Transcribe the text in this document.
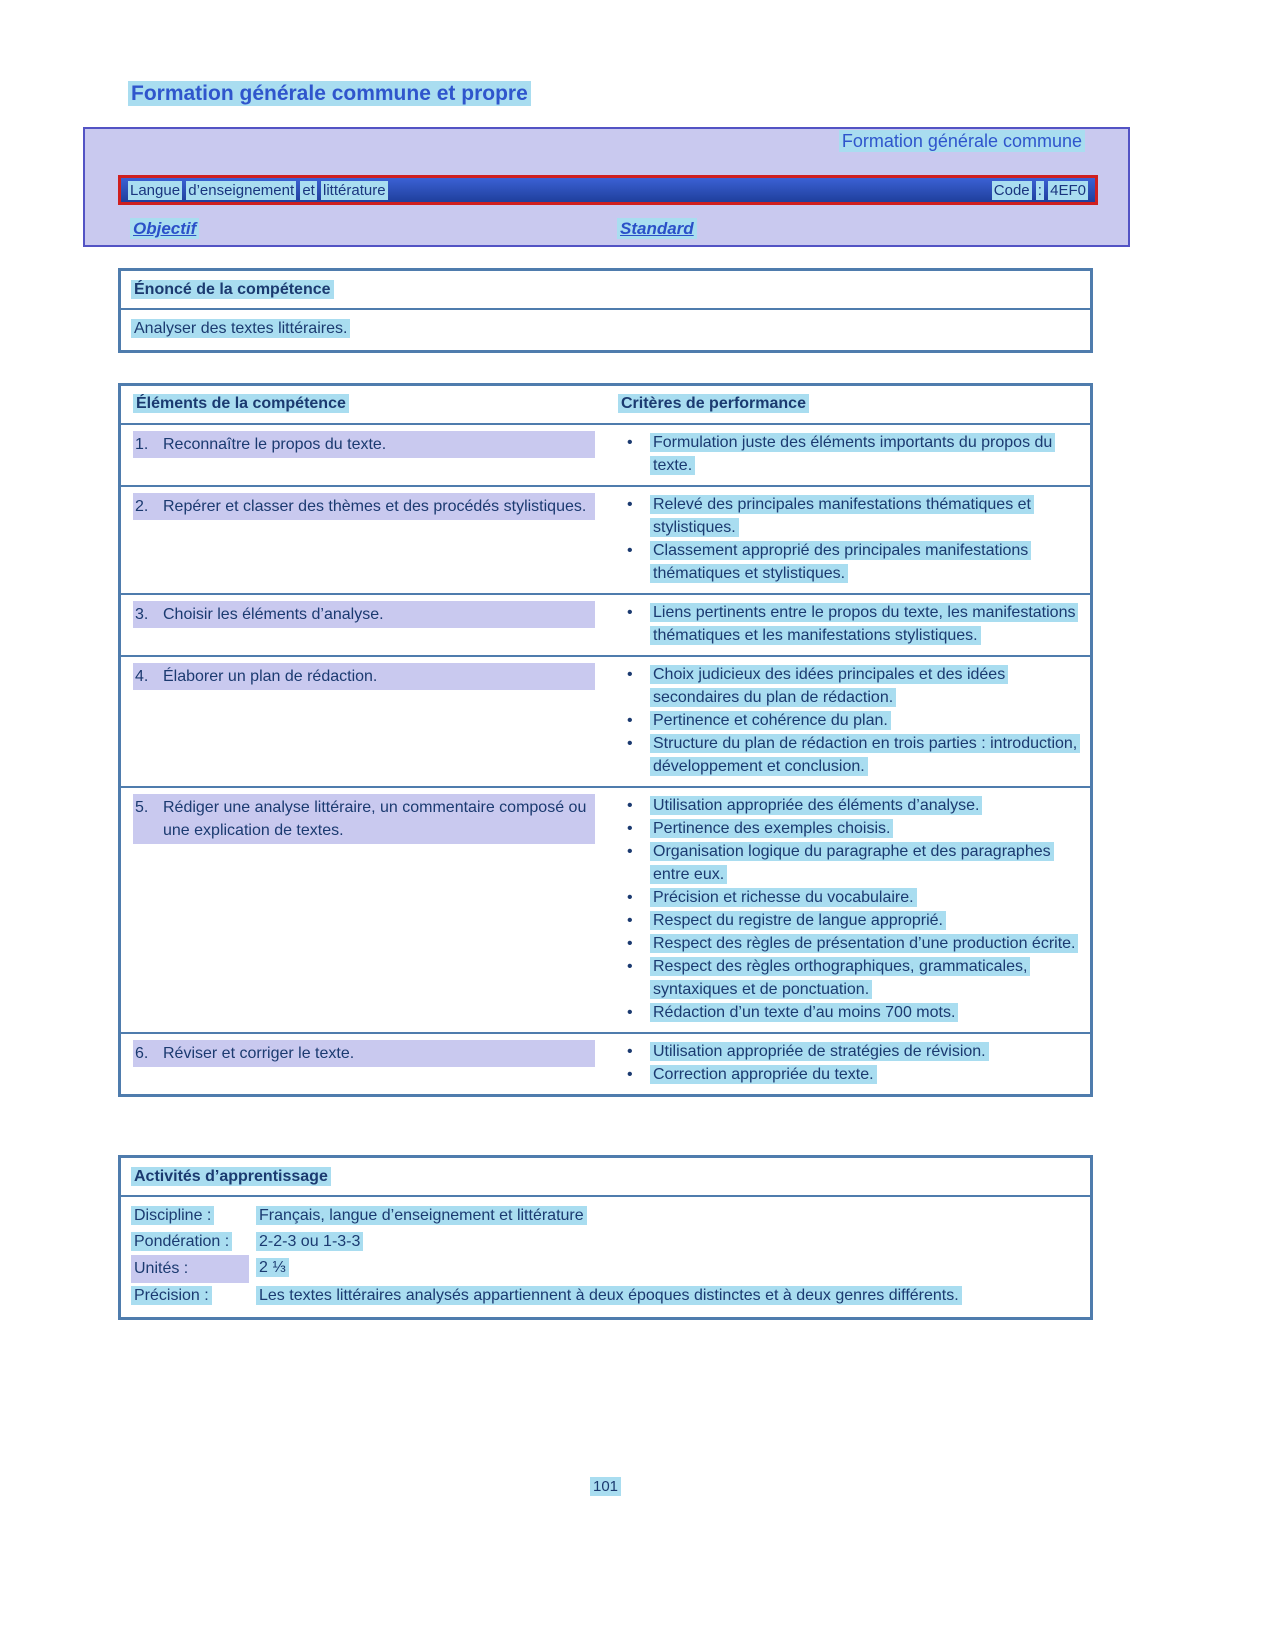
Formation générale commune et propre
Formation générale commune
Langue d’enseignement et littérature	Code : 4EF0
Objectif	Standard
Énoncé de la compétence
Analyser des textes littéraires.
Éléments de la compétence	Critères de performance
1. Reconnaître le propos du texte.	• Formulation juste des éléments importants du propos du texte.
2. Repérer et classer des thèmes et des procédés stylistiques.	• Relevé des principales manifestations thématiques et stylistiques.
• Classement approprié des principales manifestations thématiques et stylistiques.
3. Choisir les éléments d’analyse.	• Liens pertinents entre le propos du texte, les manifestations thématiques et les manifestations stylistiques.
4. Élaborer un plan de rédaction.	• Choix judicieux des idées principales et des idées secondaires du plan de rédaction.
• Pertinence et cohérence du plan.
• Structure du plan de rédaction en trois parties : introduction, développement et conclusion.
5. Rédiger une analyse littéraire, un commentaire composé ou une explication de textes.
• Utilisation appropriée des éléments d’analyse.
• Pertinence des exemples choisis.
• Organisation logique du paragraphe et des paragraphes entre eux.
• Précision et richesse du vocabulaire.
• Respect du registre de langue approprié.
• Respect des règles de présentation d’une production écrite.
• Respect des règles orthographiques, grammaticales, syntaxiques et de ponctuation.
• Rédaction d’un texte d’au moins 700 mots.
6. Réviser et corriger le texte.	• Utilisation appropriée de stratégies de révision.
• Correction appropriée du texte.
Activités d’apprentissage
Discipline :	Français, langue d’enseignement et littérature
Pondération :	2-2-3 ou 1-3-3
Unités :	2 ⅓
Précision :	Les textes littéraires analysés appartiennent à deux époques distinctes et à deux genres différents.
101
